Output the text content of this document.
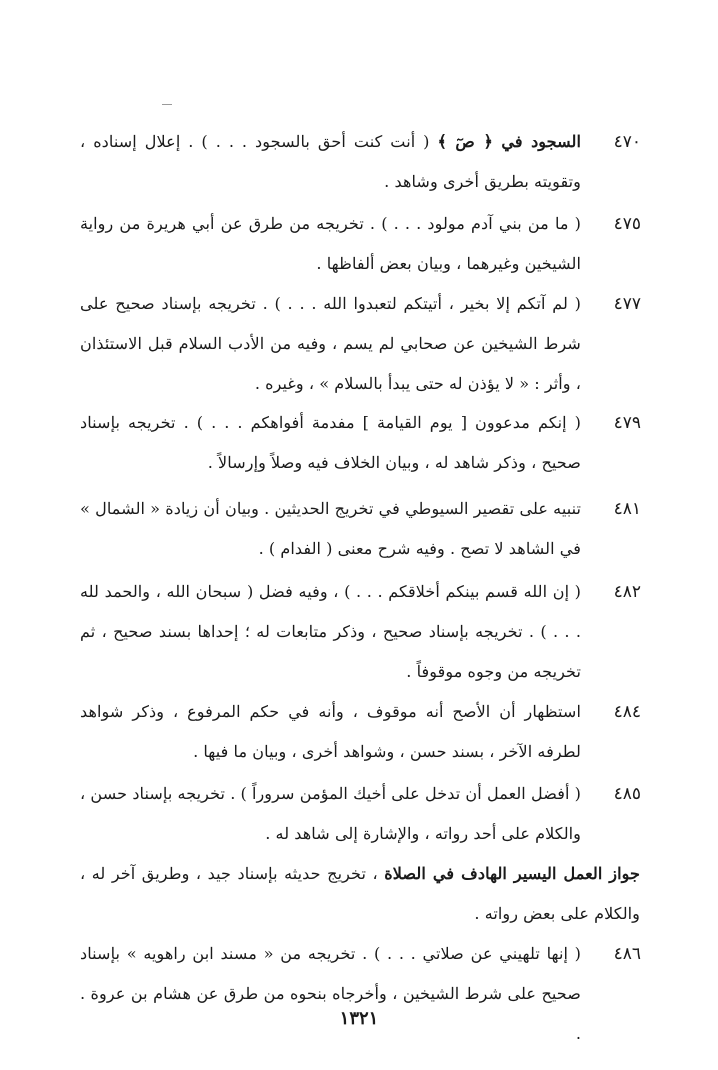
٤٧٠
السجود في ﴿ صٓ ﴾ ( أنت كنت أحق بالسجود . . . ) . إعلال إسناده ، وتقويته بطريق أخرى وشاهد .
٤٧٥
( ما من بني آدم مولود . . . ) . تخريجه من طرق عن أبي هريرة من رواية الشيخين وغيرهما ، وبيان بعض ألفاظها .
٤٧٧
( لم آتكم إلا بخير ، أتيتكم لتعبدوا الله . . . ) . تخريجه بإسناد صحيح على شرط الشيخين عن صحابي لم يسم ، وفيه من الأدب السلام قبل الاستئذان ، وأثر : « لا يؤذن له حتى يبدأ بالسلام » ، وغيره .
٤٧٩
( إنكم مدعوون [ يوم القيامة ] مفدمة أفواهكم . . . ) . تخريجه بإسناد صحيح ، وذكر شاهد له ، وبيان الخلاف فيه وصلاً وإرسالاً .
٤٨١
تنبيه على تقصير السيوطي في تخريج الحديثين . وبيان أن زيادة « الشمال » في الشاهد لا تصح . وفيه شرح معنى ( الفدام ) .
٤٨٢
( إن الله قسم بينكم أخلاقكم . . . ) ، وفيه فضل ( سبحان الله ، والحمد لله . . . ) . تخريجه بإسناد صحيح ، وذكر متابعات له ؛ إحداها بسند صحيح ، ثم تخريجه من وجوه موقوفاً .
٤٨٤
استظهار أن الأصح أنه موقوف ، وأنه في حكم المرفوع ، وذكر شواهد لطرفه الآخر ، بسند حسن ، وشواهد أخرى ، وبيان ما فيها .
٤٨٥
( أفضل العمل أن تدخل على أخيك المؤمن سروراً ) . تخريجه بإسناد حسن ، والكلام على أحد رواته ، والإشارة إلى شاهد له .
جواز العمل اليسير الهادف في الصلاة ، تخريج حديثه بإسناد جيد ، وطريق آخر له ، والكلام على بعض رواته .
٤٨٦
( إنها تلهيني عن صلاتي . . . ) . تخريجه من « مسند ابن راهويه » بإسناد صحيح على شرط الشيخين ، وأخرجاه بنحوه من طرق عن هشام بن عروة . .
١٣٢١
